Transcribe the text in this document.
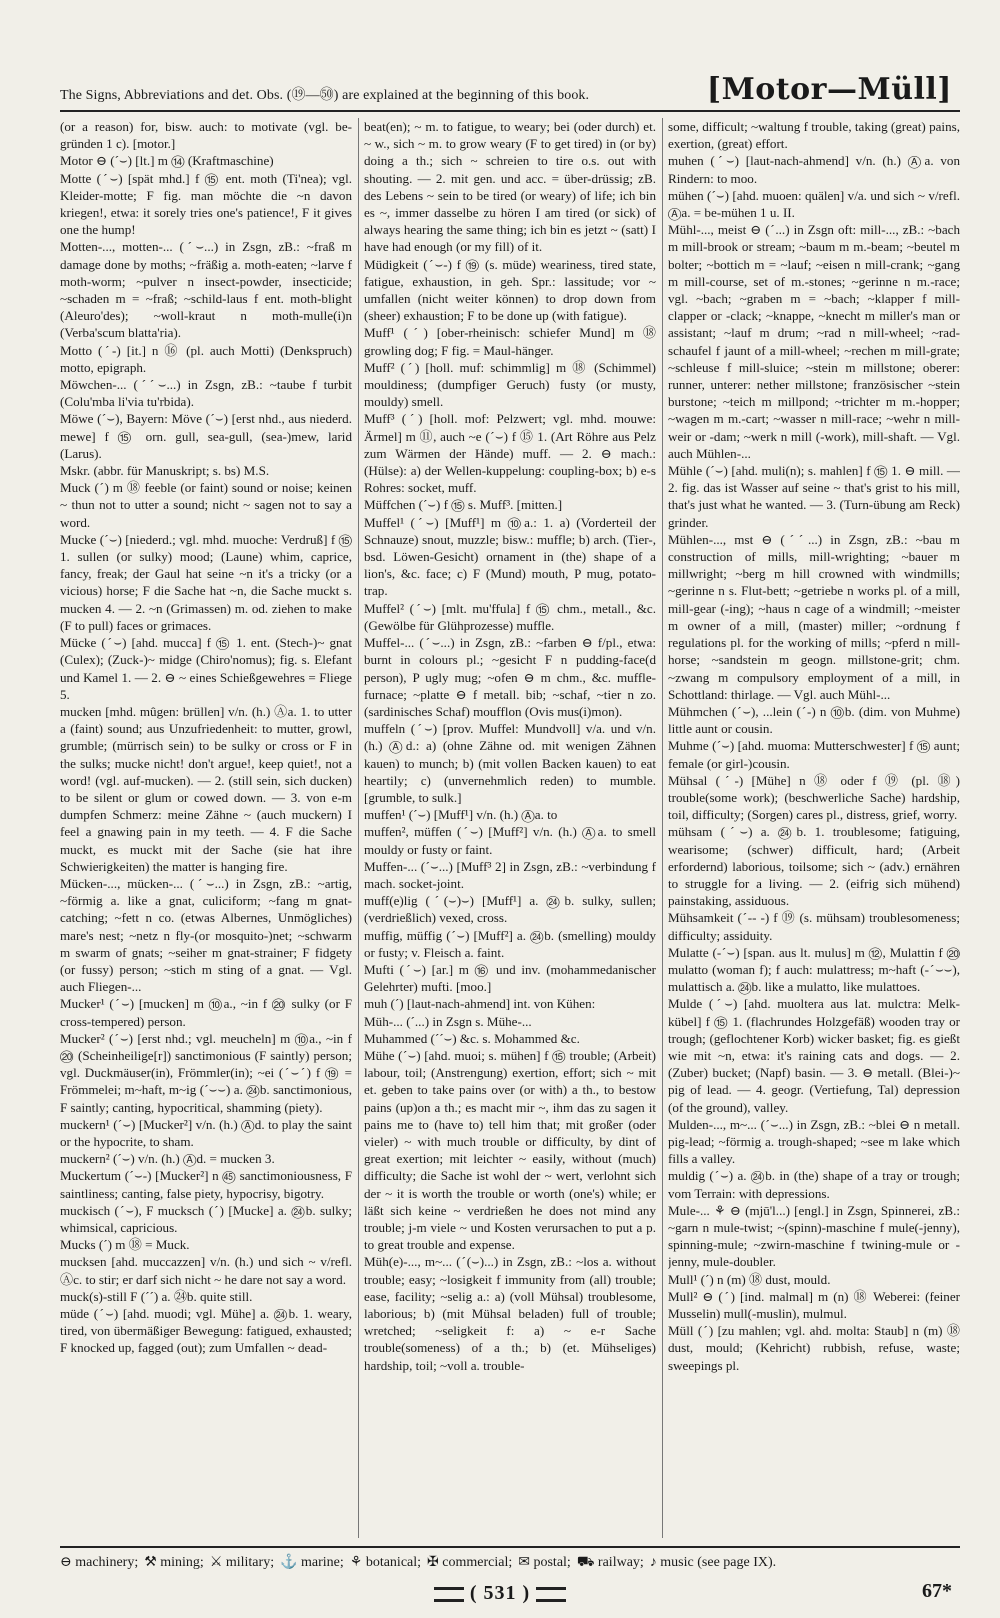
The Signs, Abbreviations and det. Obs. (⑲—㊿) are explained at the beginning of this book.	[Motor—Müll]

(or a reason) for, bisw. auch: to motivate (vgl. be-gründen 1 c). [motor.]

Motor ⊖ (ˊ⌣) [lt.] m ⑭ (Kraftmaschine)

Motte (ˊ⌣) [spät mhd.] f ⑮ ent. moth (Ti'nea); vgl. Kleider-motte; F fig. man möchte die ~n davon kriegen!, etwa: it sorely tries one's patience!, F it gives one the hump!

Motten-..., motten-... (ˊ⌣...) in Zsgn, zB.: ~fraß m damage done by moths; ~fräßig a. moth-eaten; ~larve f moth-worm; ~pulver n insect-powder, insecticide; ~schaden m = ~fraß; ~schild-laus f ent. moth-blight (Aleuro'des); ~woll-kraut n moth-mulle(i)n (Verba'scum blatta'ria).

Motto (ˊ-) [it.] n ⑯ (pl. auch Motti) (Denkspruch) motto, epigraph.

Möwchen-... (ˊˊ⌣...) in Zsgn, zB.: ~taube f turbit (Colu'mba li'via tu'rbida).

Möwe (ˊ⌣), Bayern: Möve (ˊ⌣) [erst nhd., aus niederd. mewe] f ⑮ orn. gull, sea-gull, (sea-)mew, larid (Larus).

Mskr. (abbr. für Manuskript; s. bs) M.S.

Muck (ˊ) m ⑱ feeble (or faint) sound or noise; keinen ~ thun not to utter a sound; nicht ~ sagen not to say a word.

Mucke (ˊ⌣) [niederd.; vgl. mhd. muoche: Verdruß] f ⑮ 1. sullen (or sulky) mood; (Laune) whim, caprice, fancy, freak; der Gaul hat seine ~n it's a tricky (or a vicious) horse; F die Sache hat ~n, die Sache muckt s. mucken 4. — 2. ~n (Grimassen) m. od. ziehen to make (F to pull) faces or grimaces.

Mücke (ˊ⌣) [ahd. mucca] f ⑮ 1. ent. (Stech-)~ gnat (Culex); (Zuck-)~ midge (Chiro'nomus); fig. s. Elefant und Kamel 1. — 2. ⊖ ~ eines Schießgewehres = Fliege 5.

mucken [mhd. mûgen: brüllen] v/n. (h.) Ⓐa. 1. to utter a (faint) sound; aus Unzufriedenheit: to mutter, growl, grumble; (mürrisch sein) to be sulky or cross or F in the sulks; mucke nicht! don't argue!, keep quiet!, not a word! (vgl. auf-mucken). — 2. (still sein, sich ducken) to be silent or glum or cowed down. — 3. von e-m dumpfen Schmerz: meine Zähne ~ (auch muckern) I feel a gnawing pain in my teeth. — 4. F die Sache muckt, es muckt mit der Sache (sie hat ihre Schwierigkeiten) the matter is hanging fire.

Mücken-..., mücken-... (ˊ⌣...) in Zsgn, zB.: ~artig, ~förmig a. like a gnat, culiciform; ~fang m gnat-catching; ~fett n co. (etwas Albernes, Unmögliches) mare's nest; ~netz n fly-(or mosquito-)net; ~schwarm m swarm of gnats; ~seiher m gnat-strainer; F fidgety (or fussy) person; ~stich m sting of a gnat. — Vgl. auch Fliegen-...

Mucker¹ (ˊ⌣) [mucken] m ⑩a., ~in f ⑳ sulky (or F cross-tempered) person.

Mucker² (ˊ⌣) [erst nhd.; vgl. meucheln] m ⑩a., ~in f ⑳ (Scheinheilige[r]) sanctimonious (F saintly) person; vgl. Duckmäuser(in), Frömmler(in); ~ei (ˊ⌣ˊ) f ⑲ = Frömmelei; m~haft, m~ig (ˊ⌣⌣) a. ㉔b. sanctimonious, F saintly; canting, hypocritical, shamming (piety).

muckern¹ (ˊ⌣) [Mucker²] v/n. (h.) Ⓐd. to play the saint or the hypocrite, to sham.

muckern² (ˊ⌣) v/n. (h.) Ⓐd. = mucken 3.

Muckertum (ˊ⌣-) [Mucker²] n ㊺ sanctimoniousness, F saintliness; canting, false piety, hypocrisy, bigotry.

muckisch (ˊ⌣), F mucksch (ˊ) [Mucke] a. ㉔b. sulky; whimsical, capricious.

Mucks (ˊ) m ⑱ = Muck.

mucksen [ahd. muccazzen] v/n. (h.) und sich ~ v/refl. Ⓐc. to stir; er darf sich nicht ~ he dare not say a word.

muck(s)-still F (ˊˊ) a. ㉔b. quite still.

müde (ˊ⌣) [ahd. muodi; vgl. Mühe] a. ㉔b. 1. weary, tired, von übermäßiger Bewegung: fatigued, exhausted; F knocked up, fagged (out); zum Umfallen ~ dead-

beat(en); ~ m. to fatigue, to weary; bei (oder durch) et. ~ w., sich ~ m. to grow weary (F to get tired) in (or by) doing a th.; sich ~ schreien to tire o.s. out with shouting. — 2. mit gen. und acc. = über-drüssig; zB. des Lebens ~ sein to be tired (or weary) of life; ich bin es ~, immer dasselbe zu hören I am tired (or sick) of always hearing the same thing; ich bin es jetzt ~ (satt) I have had enough (or my fill) of it.

Müdigkeit (ˊ⌣-) f ⑲ (s. müde) weariness, tired state, fatigue, exhaustion, in geh. Spr.: lassitude; vor ~ umfallen (nicht weiter können) to drop down from (sheer) exhaustion; F to be done up (with fatigue).

Muff¹ (ˊ) [ober-rheinisch: schiefer Mund] m ⑱ growling dog; F fig. = Maul-hänger.

Muff² (ˊ) [holl. muf: schimmlig] m ⑱ (Schimmel) mouldiness; (dumpfiger Geruch) fusty (or musty, mouldy) smell.

Muff³ (ˊ) [holl. mof: Pelzwert; vgl. mhd. mouwe: Ärmel] m ⑪, auch ~e (ˊ⌣) f ⑮ 1. (Art Röhre aus Pelz zum Wärmen der Hände) muff. — 2. ⊖ mach.: (Hülse): a) der Wellen-kuppelung: coupling-box; b) e-s Rohres: socket, muff.

Müffchen (ˊ⌣) f ⑮ s. Muff³. [mitten.]

Muffel¹ (ˊ⌣) [Muff¹] m ⑩a.: 1. a) (Vorderteil der Schnauze) snout, muzzle; bisw.: muffle; b) arch. (Tier-, bsd. Löwen-Gesicht) ornament in (the) shape of a lion's, &c. face; c) F (Mund) mouth, P mug, potato-trap.

Muffel² (ˊ⌣) [mlt. mu'ffula] f ⑮ chm., metall., &c. (Gewölbe für Glühprozesse) muffle.

Muffel-... (ˊ⌣...) in Zsgn, zB.: ~farben ⊖ f/pl., etwa: burnt in colours pl.; ~gesicht F n pudding-face(d person), P ugly mug; ~ofen ⊖ m chm., &c. muffle-furnace; ~platte ⊖ f metall. bib; ~schaf, ~tier n zo. (sardinisches Schaf) moufflon (Ovis mus(i)mon).

muffeln (ˊ⌣) [prov. Muffel: Mundvoll] v/a. und v/n. (h.) Ⓐd.: a) (ohne Zähne od. mit wenigen Zähnen kauen) to munch; b) (mit vollen Backen kauen) to eat heartily; c) (unvernehmlich reden) to mumble. [grumble, to sulk.]

muffen¹ (ˊ⌣) [Muff¹] v/n. (h.) Ⓐa. to

muffen², müffen (ˊ⌣) [Muff²] v/n. (h.) Ⓐa. to smell mouldy or fusty or faint.

Muffen-... (ˊ⌣...) [Muff³ 2] in Zsgn, zB.: ~verbindung f mach. socket-joint.

muff(e)lig (ˊ(⌣)⌣) [Muff¹] a. ㉔b. sulky, sullen; (verdrießlich) vexed, cross.

muffig, müffig (ˊ⌣) [Muff²] a. ㉔b. (smelling) mouldy or fusty; v. Fleisch a. faint.

Mufti (ˊ⌣) [ar.] m ⑯ und inv. (mohammedanischer Gelehrter) mufti. [moo.]

muh (ˊ) [laut-nach-ahmend] int. von Kühen:

Müh-... (ˊ...) in Zsgn s. Mühe-...

Muhammed (ˊˊ⌣) &c. s. Mohammed &c.

Mühe (ˊ⌣) [ahd. muoi; s. mühen] f ⑮ trouble; (Arbeit) labour, toil; (Anstrengung) exertion, effort; sich ~ mit et. geben to take pains over (or with) a th., to bestow pains (up)on a th.; es macht mir ~, ihm das zu sagen it pains me to (have to) tell him that; mit großer (oder vieler) ~ with much trouble or difficulty, by dint of great exertion; mit leichter ~ easily, without (much) difficulty; die Sache ist wohl der ~ wert, verlohnt sich der ~ it is worth the trouble or worth (one's) while; er läßt sich keine ~ verdrießen he does not mind any trouble; j-m viele ~ und Kosten verursachen to put a p. to great trouble and expense.

Müh(e)-..., m~... (ˊ(⌣)...) in Zsgn, zB.: ~los a. without trouble; easy; ~losigkeit f immunity from (all) trouble; ease, facility; ~selig a.: a) (voll Mühsal) troublesome, laborious; b) (mit Mühsal beladen) full of trouble; wretched; ~seligkeit f: a) ~ e-r Sache trouble(someness) of a th.; b) (et. Mühseliges) hardship, toil; ~voll a. trouble-

some, difficult; ~waltung f trouble, taking (great) pains, exertion, (great) effort.

muhen (ˊ⌣) [laut-nach-ahmend] v/n. (h.) Ⓐa. von Rindern: to moo.

mühen (ˊ⌣) [ahd. muoen: quälen] v/a. und sich ~ v/refl. Ⓐa. = be-mühen 1 u. II.

Mühl-..., meist ⊖ (ˊ...) in Zsgn oft: mill-..., zB.: ~bach m mill-brook or stream; ~baum m m.-beam; ~beutel m bolter; ~bottich m = ~lauf; ~eisen n mill-crank; ~gang m mill-course, set of m.-stones; ~gerinne n m.-race; vgl. ~bach; ~graben m = ~bach; ~klapper f mill-clapper or -clack; ~knappe, ~knecht m miller's man or assistant; ~lauf m drum; ~rad n mill-wheel; ~rad-schaufel f jaunt of a mill-wheel; ~rechen m mill-grate; ~schleuse f mill-sluice; ~stein m millstone; oberer: runner, unterer: nether millstone; französischer ~stein burstone; ~teich m millpond; ~trichter m m.-hopper; ~wagen m m.-cart; ~wasser n mill-race; ~wehr n mill-weir or -dam; ~werk n mill (-work), mill-shaft. — Vgl. auch Mühlen-...

Mühle (ˊ⌣) [ahd. muli(n); s. mahlen] f ⑮ 1. ⊖ mill. — 2. fig. das ist Wasser auf seine ~ that's grist to his mill, that's just what he wanted. — 3. (Turn-übung am Reck) grinder.

Mühlen-..., mst ⊖ (ˊˊ...) in Zsgn, zB.: ~bau m construction of mills, mill-wrighting; ~bauer m millwright; ~berg m hill crowned with windmills; ~gerinne n s. Flut-bett; ~getriebe n works pl. of a mill, mill-gear (-ing); ~haus n cage of a windmill; ~meister m owner of a mill, (master) miller; ~ordnung f regulations pl. for the working of mills; ~pferd n mill-horse; ~sandstein m geogn. millstone-grit; chm. ~zwang m compulsory employment of a mill, in Schottland: thirlage. — Vgl. auch Mühl-...

Mühmchen (ˊ⌣), ...lein (ˊ-) n ⑩b. (dim. von Muhme) little aunt or cousin.

Muhme (ˊ⌣) [ahd. muoma: Mutterschwester] f ⑮ aunt; female (or girl-)cousin.

Mühsal (ˊ-) [Mühe] n ⑱ oder f ⑲ (pl. ⑱) trouble(some work); (beschwerliche Sache) hardship, toil, difficulty; (Sorgen) cares pl., distress, grief, worry.

mühsam (ˊ⌣) a. ㉔b. 1. troublesome; fatiguing, wearisome; (schwer) difficult, hard; (Arbeit erfordernd) laborious, toilsome; sich ~ (adv.) ernähren to struggle for a living. — 2. (eifrig sich mühend) painstaking, assiduous.

Mühsamkeit (ˊ-- -) f ⑲ (s. mühsam) troublesomeness; difficulty; assiduity.

Mulatte (-ˊ⌣) [span. aus lt. mulus] m ⑫, Mulattin f ⑳ mulatto (woman f); f auch: mulattress; m~haft (-ˊ⌣⌣), mulattisch a. ㉔b. like a mulatto, like mulattoes.

Mulde (ˊ⌣) [ahd. muoltera aus lat. mulctra: Melk-kübel] f ⑮ 1. (flachrundes Holzgefäß) wooden tray or trough; (geflochtener Korb) wicker basket; fig. es gießt wie mit ~n, etwa: it's raining cats and dogs. — 2. (Zuber) bucket; (Napf) basin. — 3. ⊖ metall. (Blei-)~ pig of lead. — 4. geogr. (Vertiefung, Tal) depression (of the ground), valley.

Mulden-..., m~... (ˊ⌣...) in Zsgn, zB.: ~blei ⊖ n metall. pig-lead; ~förmig a. trough-shaped; ~see m lake which fills a valley.

muldig (ˊ⌣) a. ㉔b. in (the) shape of a tray or trough; vom Terrain: with depressions.

Mule-... ⚘ ⊖ (mjū'l...) [engl.] in Zsgn, Spinnerei, zB.: ~garn n mule-twist; ~(spinn)-maschine f mule(-jenny), spinning-mule; ~zwirn-maschine f twining-mule or -jenny, mule-doubler.

Mull¹ (ˊ) n (m) ⑱ dust, mould.

Mull² ⊖ (ˊ) [ind. malmal] m (n) ⑱ Weberei: (feiner Musselin) mull(-muslin), mulmul.

Müll (ˊ) [zu mahlen; vgl. ahd. molta: Staub] n (m) ⑱ dust, mould; (Kehricht) rubbish, refuse, waste; sweepings pl.

⊖ machinery; ⚒ mining; ⚔ military; ⚓ marine; ⚘ botanical; ✠ commercial; ✉ postal; ⛟ railway; ♪ music (see page IX).
( 531 )	67*
